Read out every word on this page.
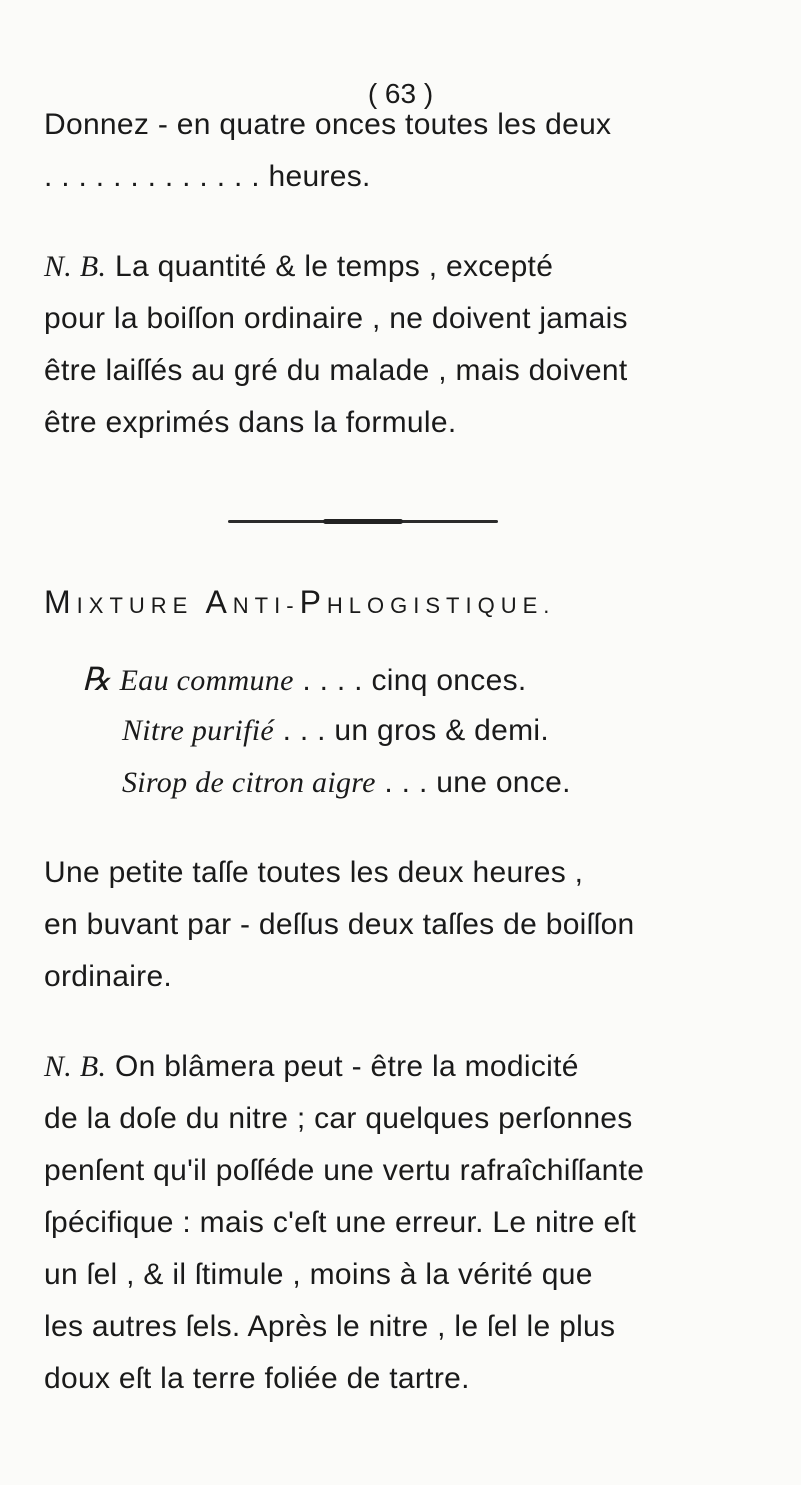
( 63 )
Donnez - en quatre onces toutes les deux
. . . . . . . . . . . . . heures.
N. B. La quantité & le temps , excepté
pour la boiſſon ordinaire , ne doivent jamais
être laiſſés au gré du malade , mais doivent
être exprimés dans la formule.
MIXTURE ANTI-PHLOGISTIQUE.
℞ Eau commune . . . . cinq onces.
Nitre purifié . . . un gros & demi.
Sirop de citron aigre . . . une once.
Une petite taſſe toutes les deux heures ,
en buvant par - deſſus deux taſſes de boiſſon
ordinaire.
N. B. On blâmera peut - être la modicité
de la doſe du nitre ; car quelques perſonnes
penſent qu'il poſſéde une vertu rafraîchiſſante
ſpécifique : mais c'eſt une erreur. Le nitre eſt
un ſel , & il ſtimule , moins à la vérité que
les autres ſels. Après le nitre , le ſel le plus
doux eſt la terre foliée de tartre.
